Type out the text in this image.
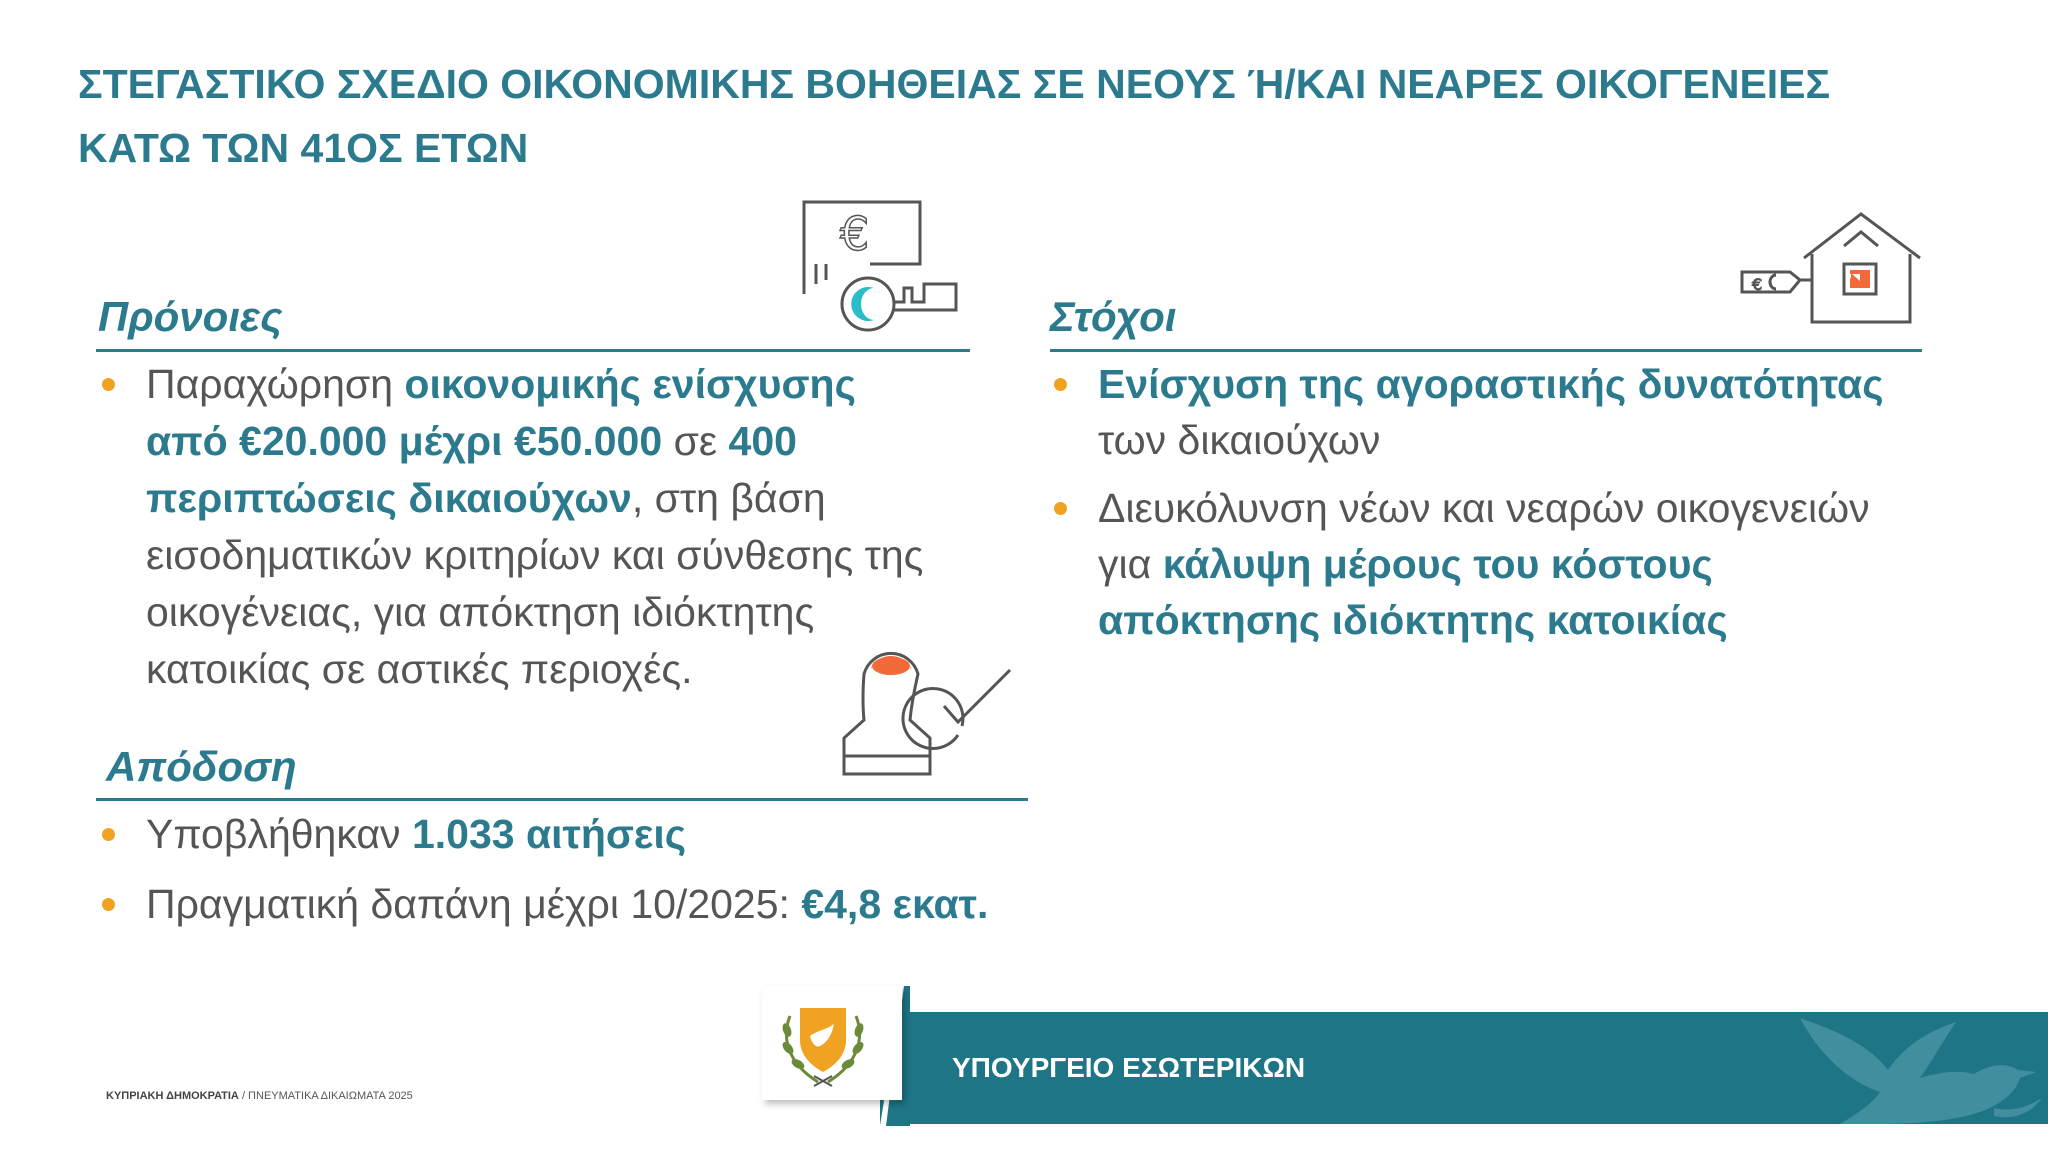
ΣΤΕΓΑΣΤΙΚΟ ΣΧΕΔΙΟ ΟΙΚΟΝΟΜΙΚΗΣ ΒΟΗΘΕΙΑΣ ΣΕ ΝΕΟΥΣ Ή/ΚΑΙ ΝΕΑΡΕΣ ΟΙΚΟΓΕΝΕΙΕΣ
ΚΑΤΩ ΤΩΝ 41ΟΣ ΕΤΩΝ
€
€
Πρόνοιες
Παραχώρηση οικονομικής ενίσχυσης από €20.000 μέχρι €50.000 σε 400 περιπτώσεις δικαιούχων, στη βάση εισοδηματικών κριτηρίων και σύνθεσης της οικογένειας, για απόκτηση ιδιόκτητης κατοικίας σε αστικές περιοχές.
Στόχοι
Ενίσχυση της αγοραστικής δυνατότητας των δικαιούχων
Διευκόλυνση νέων και νεαρών οικογενειών για κάλυψη μέρους του κόστους απόκτησης ιδιόκτητης κατοικίας
Απόδοση
Υποβλήθηκαν 1.033 αιτήσεις
Πραγματική δαπάνη μέχρι 10/2025: €4,8 εκατ.
ΥΠΟΥΡΓΕΙΟ ΕΣΩΤΕΡΙΚΩΝ
ΚΥΠΡΙΑΚΗ ΔΗΜΟΚΡΑΤΙΑ / ΠΝΕΥΜΑΤΙΚΑ ΔΙΚΑΙΩΜΑΤΑ 2025
